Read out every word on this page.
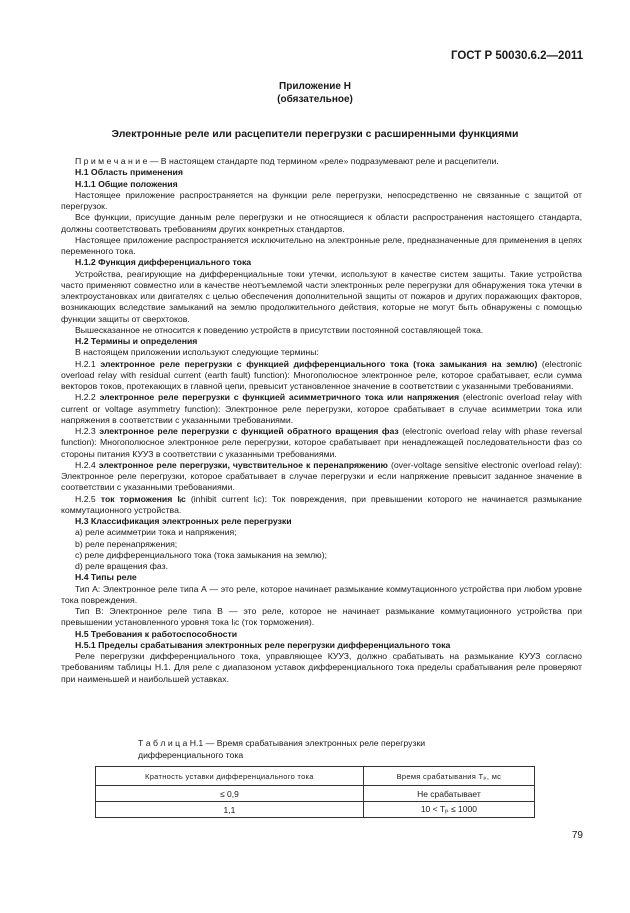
ГОСТ Р 50030.6.2—2011
Приложение Н
(обязательное)
Электронные реле или расцепители перегрузки с расширенными функциями

П р и м е ч а н и е — В настоящем стандарте под термином «реле» подразумевают реле и расцепители.

Н.1 Область применения

Н.1.1 Общие положения

Настоящее приложение распространяется на функции реле перегрузки, непосредственно не связанные с защитой от перегрузок.

Все функции, присущие данным реле перегрузки и не относящиеся к области распространения настоящего стандарта, должны соответствовать требованиям других конкретных стандартов.

Настоящее приложение распространяется исключительно на электронные реле, предназначенные для применения в цепях переменного тока.

Н.1.2 Функция дифференциального тока

Устройства, реагирующие на дифференциальные токи утечки, используют в качестве систем защиты. Такие устройства часто применяют совместно или в качестве неотъемлемой части электронных реле перегрузки для обнаружения тока утечки в электроустановках или двигателях с целью обеспечения дополнительной защиты от пожаров и других поражающих факторов, возникающих вследствие замыканий на землю продолжительного действия, которые не могут быть обнаружены с помощью функции защиты от сверхтоков.

Вышесказанное не относится к поведению устройств в присутствии постоянной составляющей тока.

Н.2 Термины и определения

В настоящем приложении используют следующие термины:

Н.2.1 электронное реле перегрузки с функцией дифференциального тока (тока замыкания на землю) (electronic overload relay with residual current (earth fault) function): Многополюсное электронное реле, которое срабатывает, если сумма векторов токов, протекающих в главной цепи, превысит установленное значение в соответствии с указанными требованиями.

Н.2.2 электронное реле перегрузки с функцией асимметричного тока или напряжения (electronic overload relay with current or voltage asymmetry function): Электронное реле перегрузки, которое срабатывает в случае асимметрии тока или напряжения в соответствии с указанными требованиями.

Н.2.3 электронное реле перегрузки с функцией обратного вращения фаз (electronic overload relay with phase reversal function): Многополюсное электронное реле перегрузки, которое срабатывает при ненадлежащей последовательности фаз со стороны питания КУУЗ в соответствии с указанными требованиями.

Н.2.4 электронное реле перегрузки, чувствительное к перенапряжению (over-voltage sensitive electronic overload relay): Электронное реле перегрузки, которое срабатывает в случае перегрузки и если напряжение превысит заданное значение в соответствии с указанными требованиями.

Н.2.5 ток торможения Iᵢc (inhibit current Iᵢc): Ток повреждения, при превышении которого не начинается размыкание коммутационного устройства.

Н.3 Классификация электронных реле перегрузки

а) реле асимметрии тока и напряжения;

b) реле перенапряжения;

c) реле дифференциального тока (тока замыкания на землю);

d) реле вращения фаз.

Н.4 Типы реле

Тип А: Электронное реле типа А — это реле, которое начинает размыкание коммутационного устройства при любом уровне тока повреждения.

Тип В: Электронное реле типа В — это реле, которое не начинает размыкание коммутационного устройства при превышении установленного уровня тока Iᵢc (ток торможения).

Н.5 Требования к работоспособности

Н.5.1 Пределы срабатывания электронных реле перегрузки дифференциального тока

Реле перегрузки дифференциального тока, управляющее КУУЗ, должно срабатывать на размыкание КУУЗ согласно требованиям таблицы Н.1. Для реле с диапазоном уставок дифференциального тока пределы срабатывания реле проверяют при наименьшей и наибольшей уставках.

Т а б л и ц а Н.1 — Время срабатывания электронных реле перегрузки дифференциального тока
Кратность уставки дифференциального тока	Время срабатывания Tₚ, мс
≤ 0,9	Не срабатывает
1,1	10 < Tₚ ≤ 1000
79
